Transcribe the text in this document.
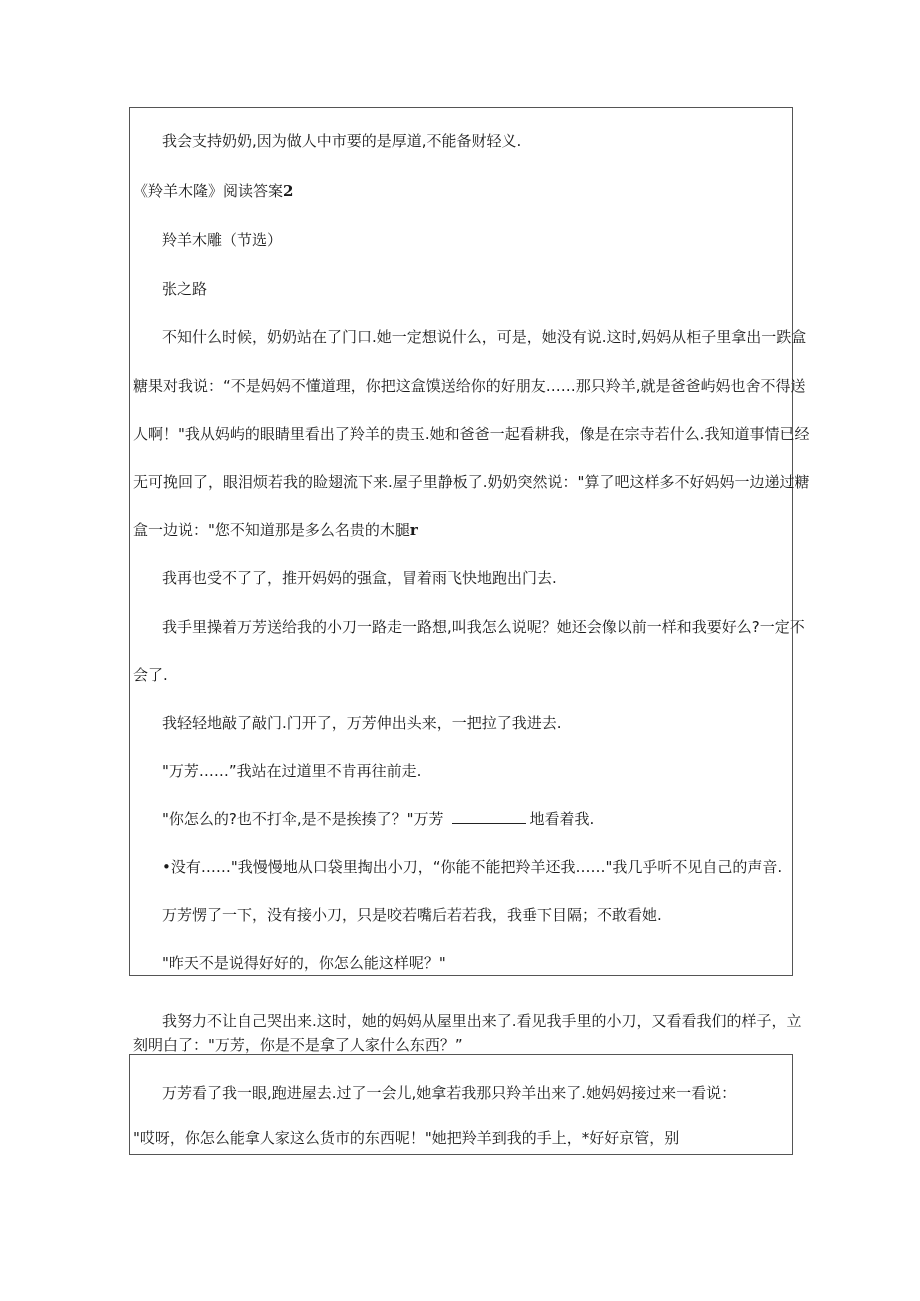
我会支持奶奶,因为做人中市要的是厚道,不能备财轻义.
《羚羊木隆》阅读答案2
羚羊木雕（节选）
张之路
不知什么时候，奶奶站在了门口.她一定想说什么，可是，她没有说.这时,妈妈从柜子里拿出一跌盒
糖果对我说：“不是妈妈不懂道理，你把这盒馍送给你的好朋友……那只羚羊,就是爸爸屿妈也舍不得送
人啊！"我从妈屿的眼睛里看出了羚羊的贵玉.她和爸爸一起看耕我，像是在宗寺若什么.我知道事情已经
无可挽回了，眼泪烦若我的睑翅流下来.屋子里静板了.奶奶突然说："算了吧这样多不好妈妈一边递过糖
盒一边说："您不知道那是多么名贵的木腿r
我再也受不了了，推开妈妈的强盒，冒着雨飞快地跑出门去.
我手里操着万芳送给我的小刀一路走一路想,叫我怎么说呢？她还会像以前一样和我要好么?一定不
会了.
我轻轻地敲了敲门.门开了，万芳伸出头来，一把拉了我进去.
"万芳……”我站在过道里不肯再往前走.
"你怎么的?也不打伞,是不是挨揍了？"万芳	地看着我.
•没有……"我慢慢地从口袋里掏出小刀，“你能不能把羚羊还我……"我几乎听不见自己的声音.
万芳愣了一下，没有接小刀，只是咬若嘴后若若我，我垂下目隔；不敢看她.
"昨天不是说得好好的，你怎么能这样呢？"
我努力不让自己哭出来.这时，她的妈妈从屋里出来了.看见我手里的小刀，又看看我们的样子，立
刻明白了："万芳，你是不是拿了人家什么东西？”
万芳看了我一眼,跑进屋去.过了一会儿,她拿若我那只羚羊出来了.她妈妈接过来一看说：
"哎呀，你怎么能拿人家这么货市的东西呢！"她把羚羊到我的手上，*好好京管，别
